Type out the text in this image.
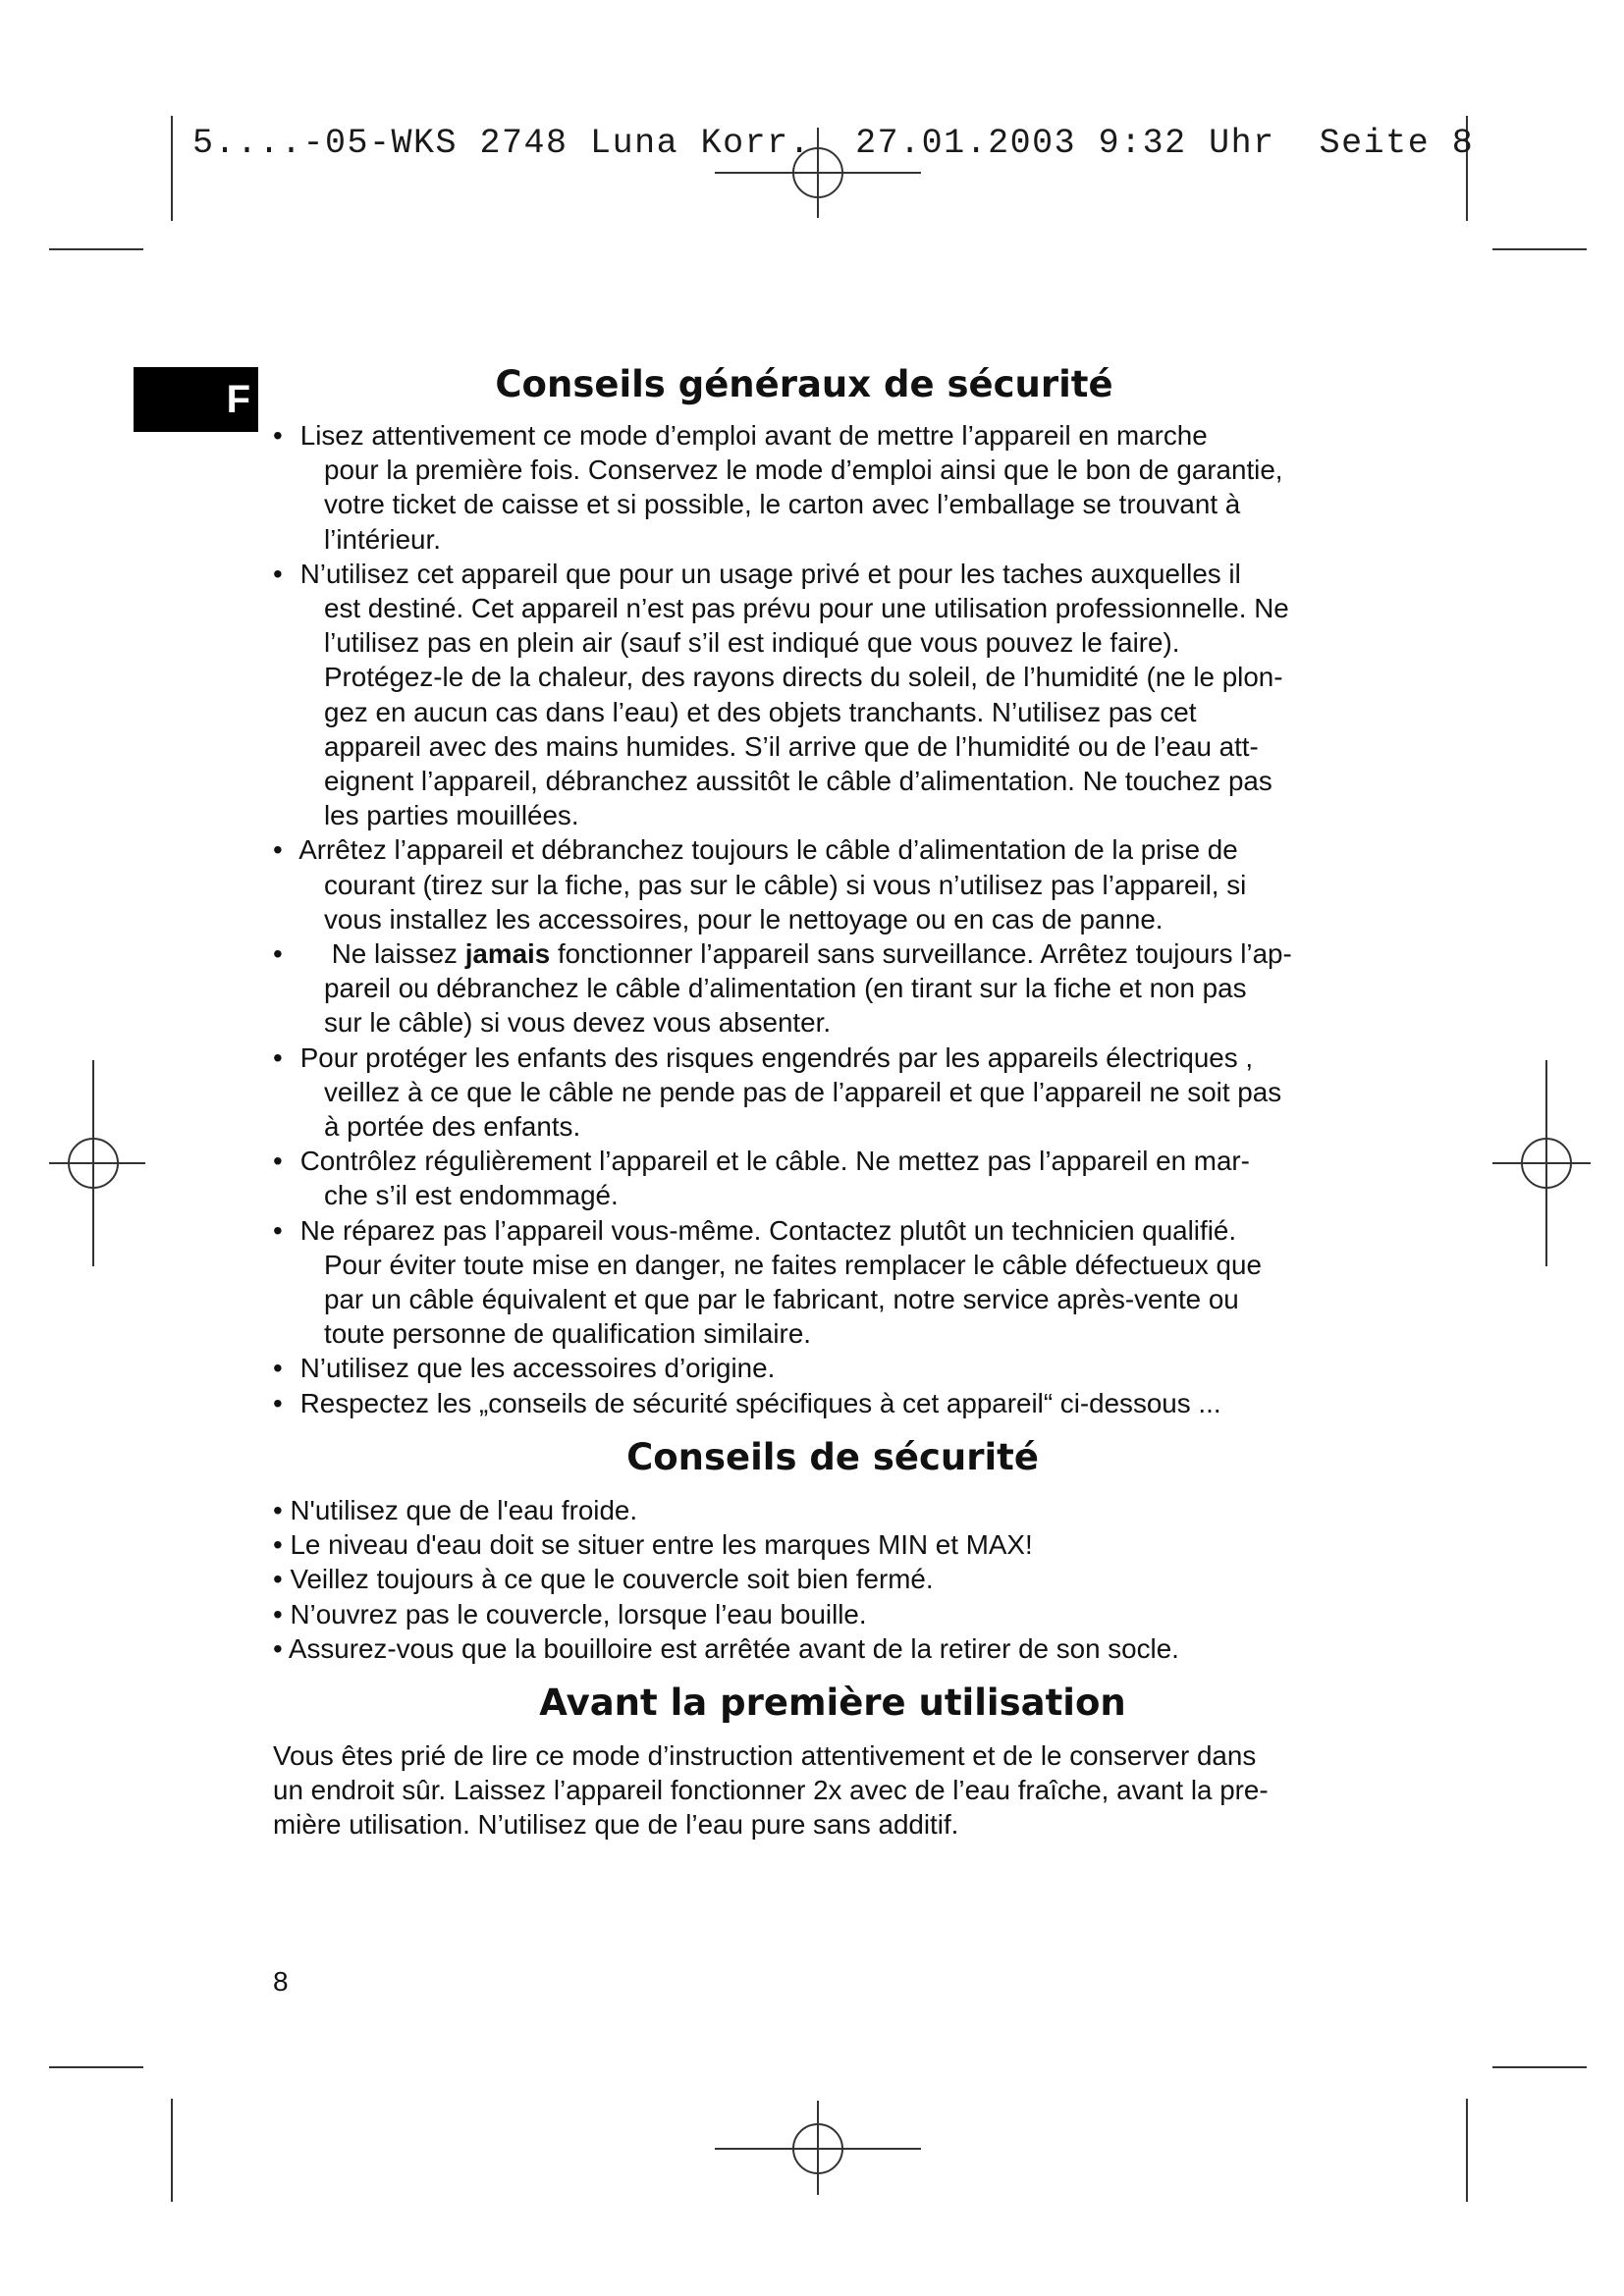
5....-05-WKS 2748 Luna Korr.  27.01.2003 9:32 Uhr  Seite 8
F	Conseils généraux de sécurité
• Lisez attentivement ce mode d’emploi avant de mettre l’appareil en marche
pour la première fois. Conservez le mode d’emploi ainsi que le bon de garantie,
votre ticket de caisse et si possible, le carton avec l’emballage se trouvant à
l’intérieur.
• N’utilisez cet appareil que pour un usage privé et pour les taches auxquelles il
est destiné. Cet appareil n’est pas prévu pour une utilisation professionnelle. Ne
l’utilisez pas en plein air (sauf s’il est indiqué que vous pouvez le faire).
Protégez-le de la chaleur, des rayons directs du soleil, de l’humidité (ne le plon-
gez en aucun cas dans l’eau) et des objets tranchants. N’utilisez pas cet
appareil avec des mains humides. S’il arrive que de l’humidité ou de l’eau att-
eignent l’appareil, débranchez aussitôt le câble d’alimentation. Ne touchez pas
les parties mouillées.
• Arrêtez l’appareil et débranchez toujours le câble d’alimentation de la prise de
courant (tirez sur la fiche, pas sur le câble) si vous n’utilisez pas l’appareil, si
vous installez les accessoires, pour le nettoyage ou en cas de panne.
• Ne laissez jamais fonctionner l’appareil sans surveillance. Arrêtez toujours l’ap-
pareil ou débranchez le câble d’alimentation (en tirant sur la fiche et non pas
sur le câble) si vous devez vous absenter.
• Pour protéger les enfants des risques engendrés par les appareils électriques ,
veillez à ce que le câble ne pende pas de l’appareil et que l’appareil ne soit pas
à portée des enfants.
• Contrôlez régulièrement l’appareil et le câble. Ne mettez pas l’appareil en mar-
che s’il est endommagé.
• Ne réparez pas l’appareil vous-même. Contactez plutôt un technicien qualifié.
Pour éviter toute mise en danger, ne faites remplacer le câble défectueux que
par un câble équivalent et que par le fabricant, notre service après-vente ou
toute personne de qualification similaire.
• N’utilisez que les accessoires d’origine.
• Respectez les „conseils de sécurité spécifiques à cet appareil“ ci-dessous ...
Conseils de sécurité
• N'utilisez que de l'eau froide.
• Le niveau d'eau doit se situer entre les marques MIN et MAX!
• Veillez toujours à ce que le couvercle soit bien fermé.
• N’ouvrez pas le couvercle, lorsque l’eau bouille.
• Assurez-vous que la bouilloire est arrêtée avant de la retirer de son socle.
Avant la première utilisation

Vous êtes prié de lire ce mode d’instruction attentivement et de le conserver dans
un endroit sûr. Laissez l’appareil fonctionner 2x avec de l’eau fraîche, avant la pre-
mière utilisation. N’utilisez que de l’eau pure sans additif.

8
